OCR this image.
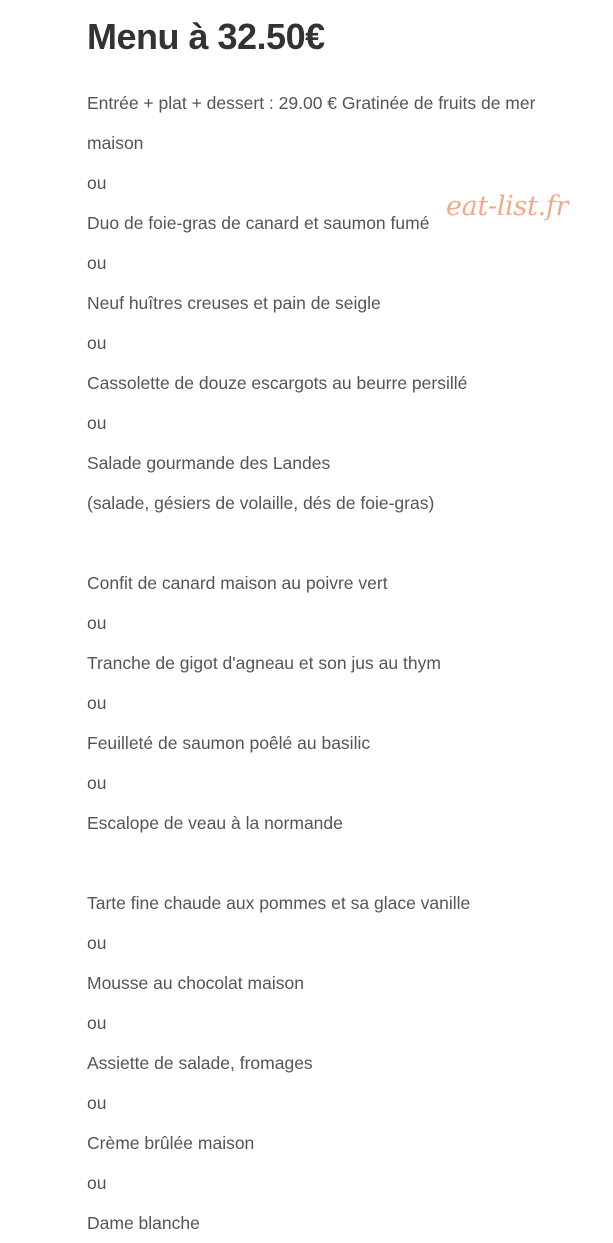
Menu à 32.50€
Entrée + plat + dessert : 29.00 € Gratinée de fruits de mer maison
ou
Duo de foie-gras de canard et saumon fumé
ou
Neuf huîtres creuses et pain de seigle
ou
Cassolette de douze escargots au beurre persillé
ou
Salade gourmande des Landes
(salade, gésiers de volaille, dés de foie-gras)
Confit de canard maison au poivre vert
ou
Tranche de gigot d'agneau et son jus au thym
ou
Feuilleté de saumon poêlé au basilic
ou
Escalope de veau à la normande
Tarte fine chaude aux pommes et sa glace vanille
ou
Mousse au chocolat maison
ou
Assiette de salade, fromages
ou
Crème brûlée maison
ou
Dame blanche
eat-list.fr
